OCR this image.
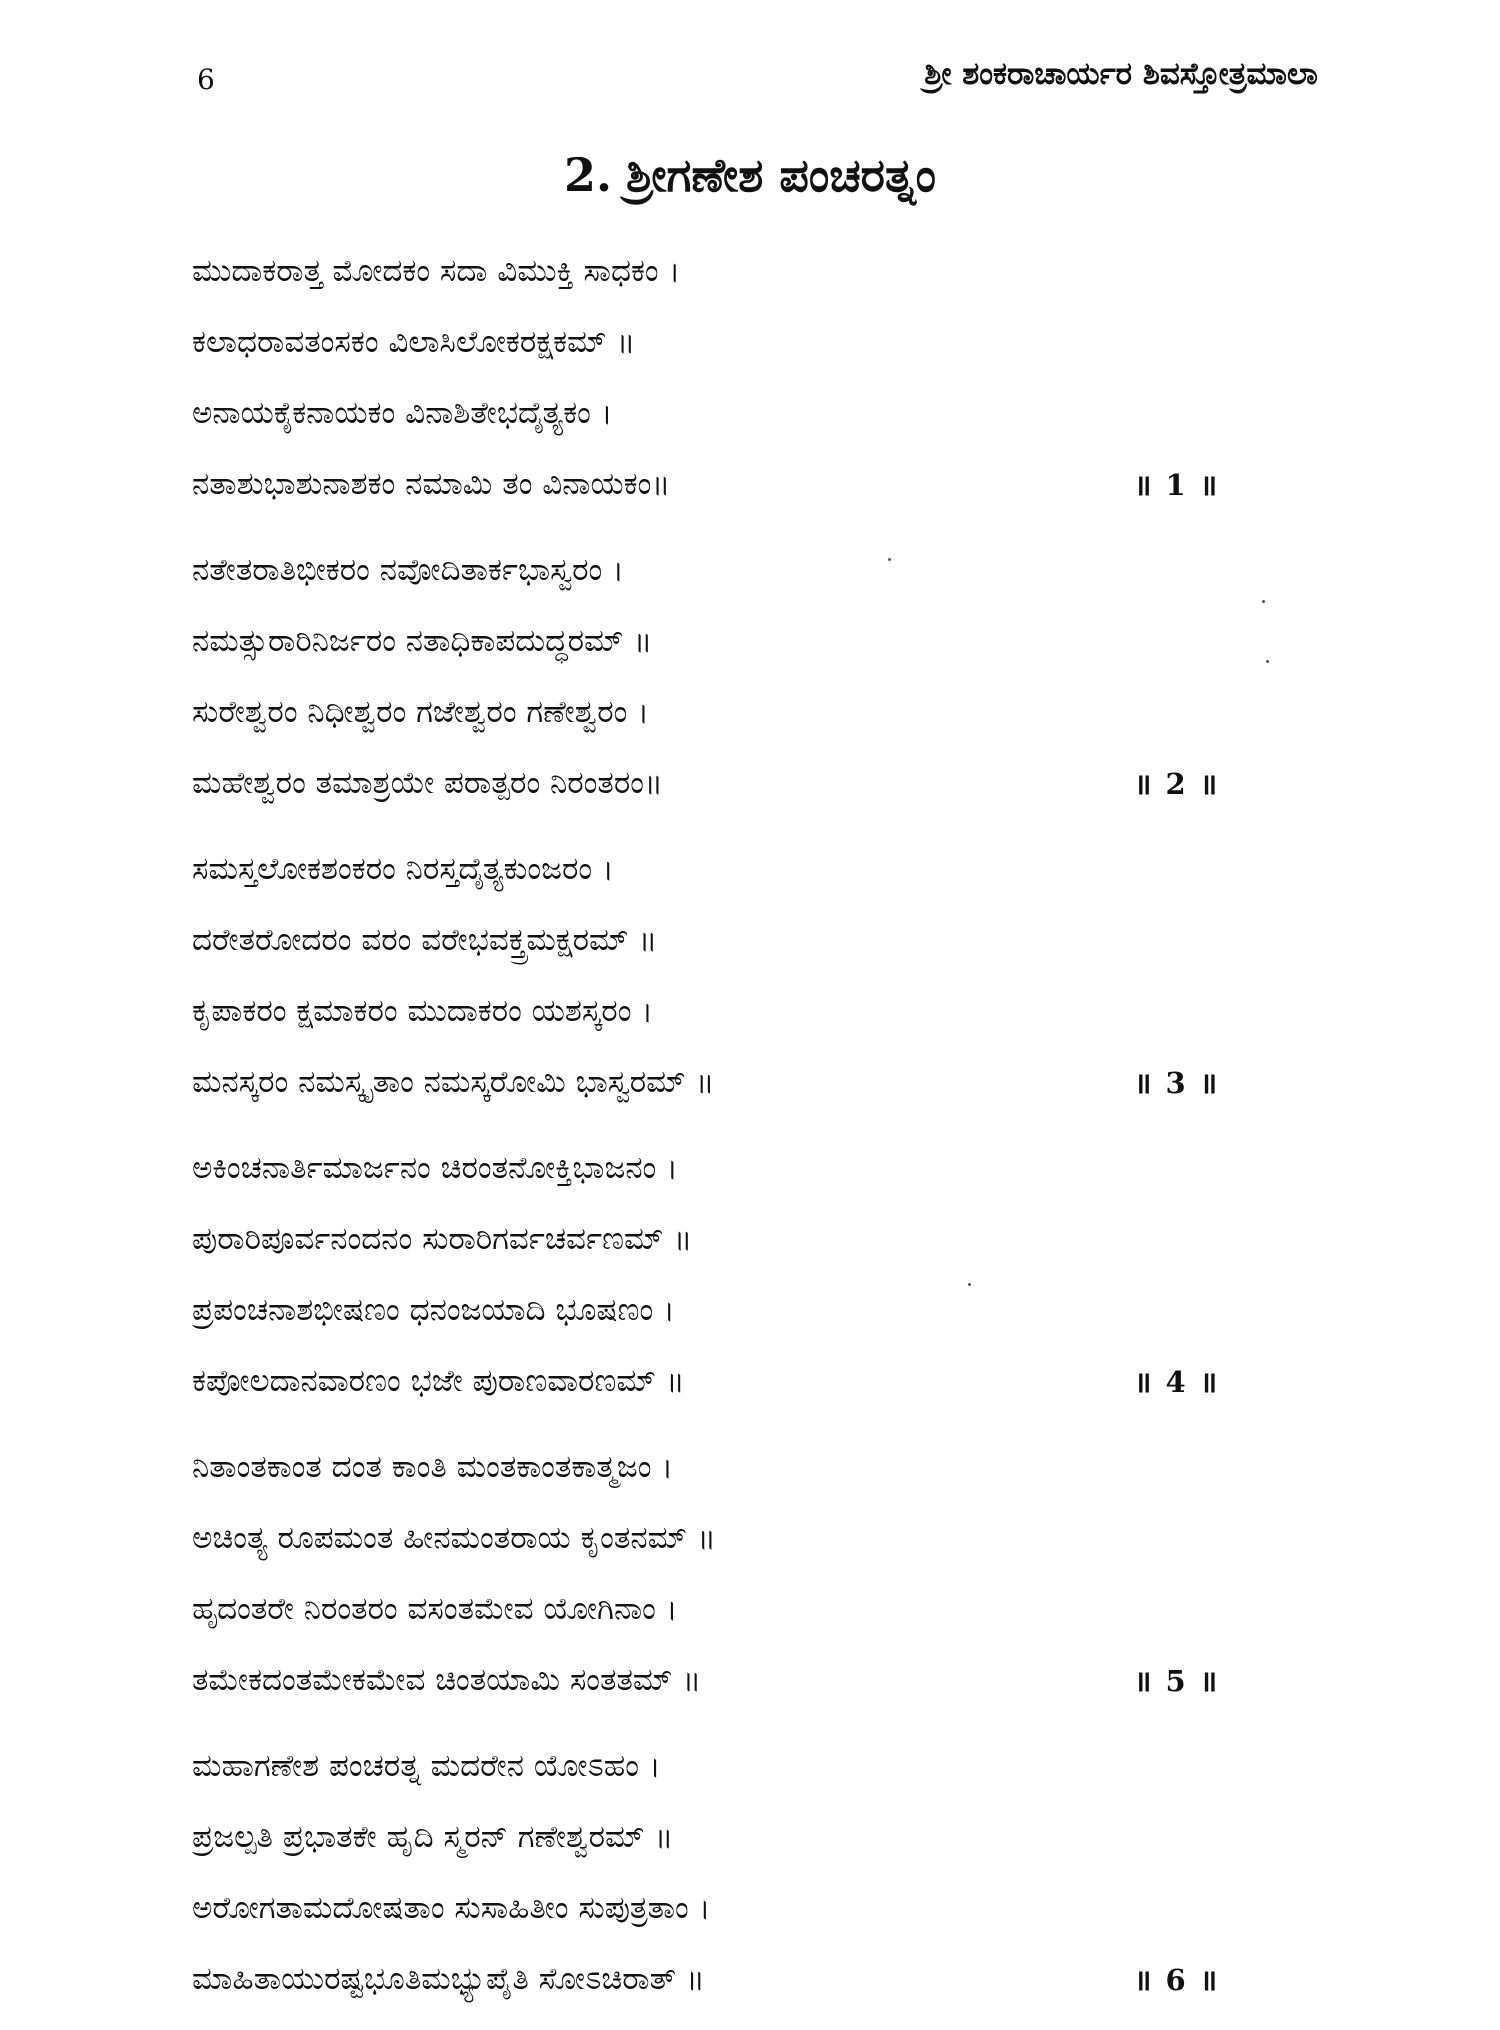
6	ಶ್ರೀ ಶಂಕರಾಚಾರ್ಯರ ಶಿವಸ್ತೋತ್ರಮಾಲಾ
2. ಶ್ರೀಗಣೇಶ ಪಂಚರತ್ನಂ
ಮುದಾಕರಾತ್ತ ಮೋದಕಂ ಸದಾ ವಿಮುಕ್ತಿ ಸಾಧಕಂ ।
ಕಲಾಧರಾವತಂಸಕಂ ವಿಲಾಸಿಲೋಕರಕ್ಷಕಮ್ ॥
ಅನಾಯಕೈಕನಾಯಕಂ ವಿನಾಶಿತೇಭದೈತ್ಯಕಂ ।
ನತಾಶುಭಾಶುನಾಶಕಂ ನಮಾಮಿ ತಂ ವಿನಾಯಕಂ॥	॥ 1 ॥
ನತೇತರಾತಿಭೀಕರಂ ನವೋದಿತಾರ್ಕಭಾಸ್ವರಂ ।
ನಮತ್ಸುರಾರಿನಿರ್ಜರಂ ನತಾಧಿಕಾಪದುದ್ಧರಮ್ ॥
ಸುರೇಶ್ವರಂ ನಿಧೀಶ್ವರಂ ಗಜೇಶ್ವರಂ ಗಣೇಶ್ವರಂ ।
ಮಹೇಶ್ವರಂ ತಮಾಶ್ರಯೇ ಪರಾತ್ಪರಂ ನಿರಂತರಂ॥	॥ 2 ॥
ಸಮಸ್ತಲೋಕಶಂಕರಂ ನಿರಸ್ತದೈತ್ಯಕುಂಜರಂ ।
ದರೇತರೋದರಂ ವರಂ ವರೇಭವಕ್ತ್ರಮಕ್ಷರಮ್ ॥
ಕೃಪಾಕರಂ ಕ್ಷಮಾಕರಂ ಮುದಾಕರಂ ಯಶಸ್ಕರಂ ।
ಮನಸ್ಕರಂ ನಮಸ್ಕೃತಾಂ ನಮಸ್ಕರೋಮಿ ಭಾಸ್ವರಮ್ ॥	॥ 3 ॥
ಅಕಿಂಚನಾರ್ತಿಮಾರ್ಜನಂ ಚಿರಂತನೋಕ್ತಿಭಾಜನಂ ।
ಪುರಾರಿಪೂರ್ವನಂದನಂ ಸುರಾರಿಗರ್ವಚರ್ವಣಮ್ ॥
ಪ್ರಪಂಚನಾಶಭೀಷಣಂ ಧನಂಜಯಾದಿ ಭೂಷಣಂ ।
ಕಪೋಲದಾನವಾರಣಂ ಭಜೇ ಪುರಾಣವಾರಣಮ್ ॥	॥ 4 ॥
ನಿತಾಂತಕಾಂತ ದಂತ ಕಾಂತಿ ಮಂತಕಾಂತಕಾತ್ಮಜಂ ।
ಅಚಿಂತ್ಯ ರೂಪಮಂತ ಹೀನಮಂತರಾಯ ಕೃಂತನಮ್ ॥
ಹೃದಂತರೇ ನಿರಂತರಂ ವಸಂತಮೇವ ಯೋಗಿನಾಂ ।
ತಮೇಕದಂತಮೇಕಮೇವ ಚಿಂತಯಾಮಿ ಸಂತತಮ್ ॥	॥ 5 ॥
ಮಹಾಗಣೇಶ ಪಂಚರತ್ನ ಮದರೇನ ಯೋಽಹಂ ।
ಪ್ರಜಲ್ಪತಿ ಪ್ರಭಾತಕೇ ಹೃದಿ ಸ್ಮರನ್ ಗಣೇಶ್ವರಮ್ ॥
ಅರೋಗತಾಮದೋಷತಾಂ ಸುಸಾಹಿತೀಂ ಸುಪುತ್ರತಾಂ ।
ಮಾಹಿತಾಯುರಷ್ಟಭೂತಿಮಭ್ಯುಪೈತಿ ಸೋಽಚಿರಾತ್ ॥	॥ 6 ॥
